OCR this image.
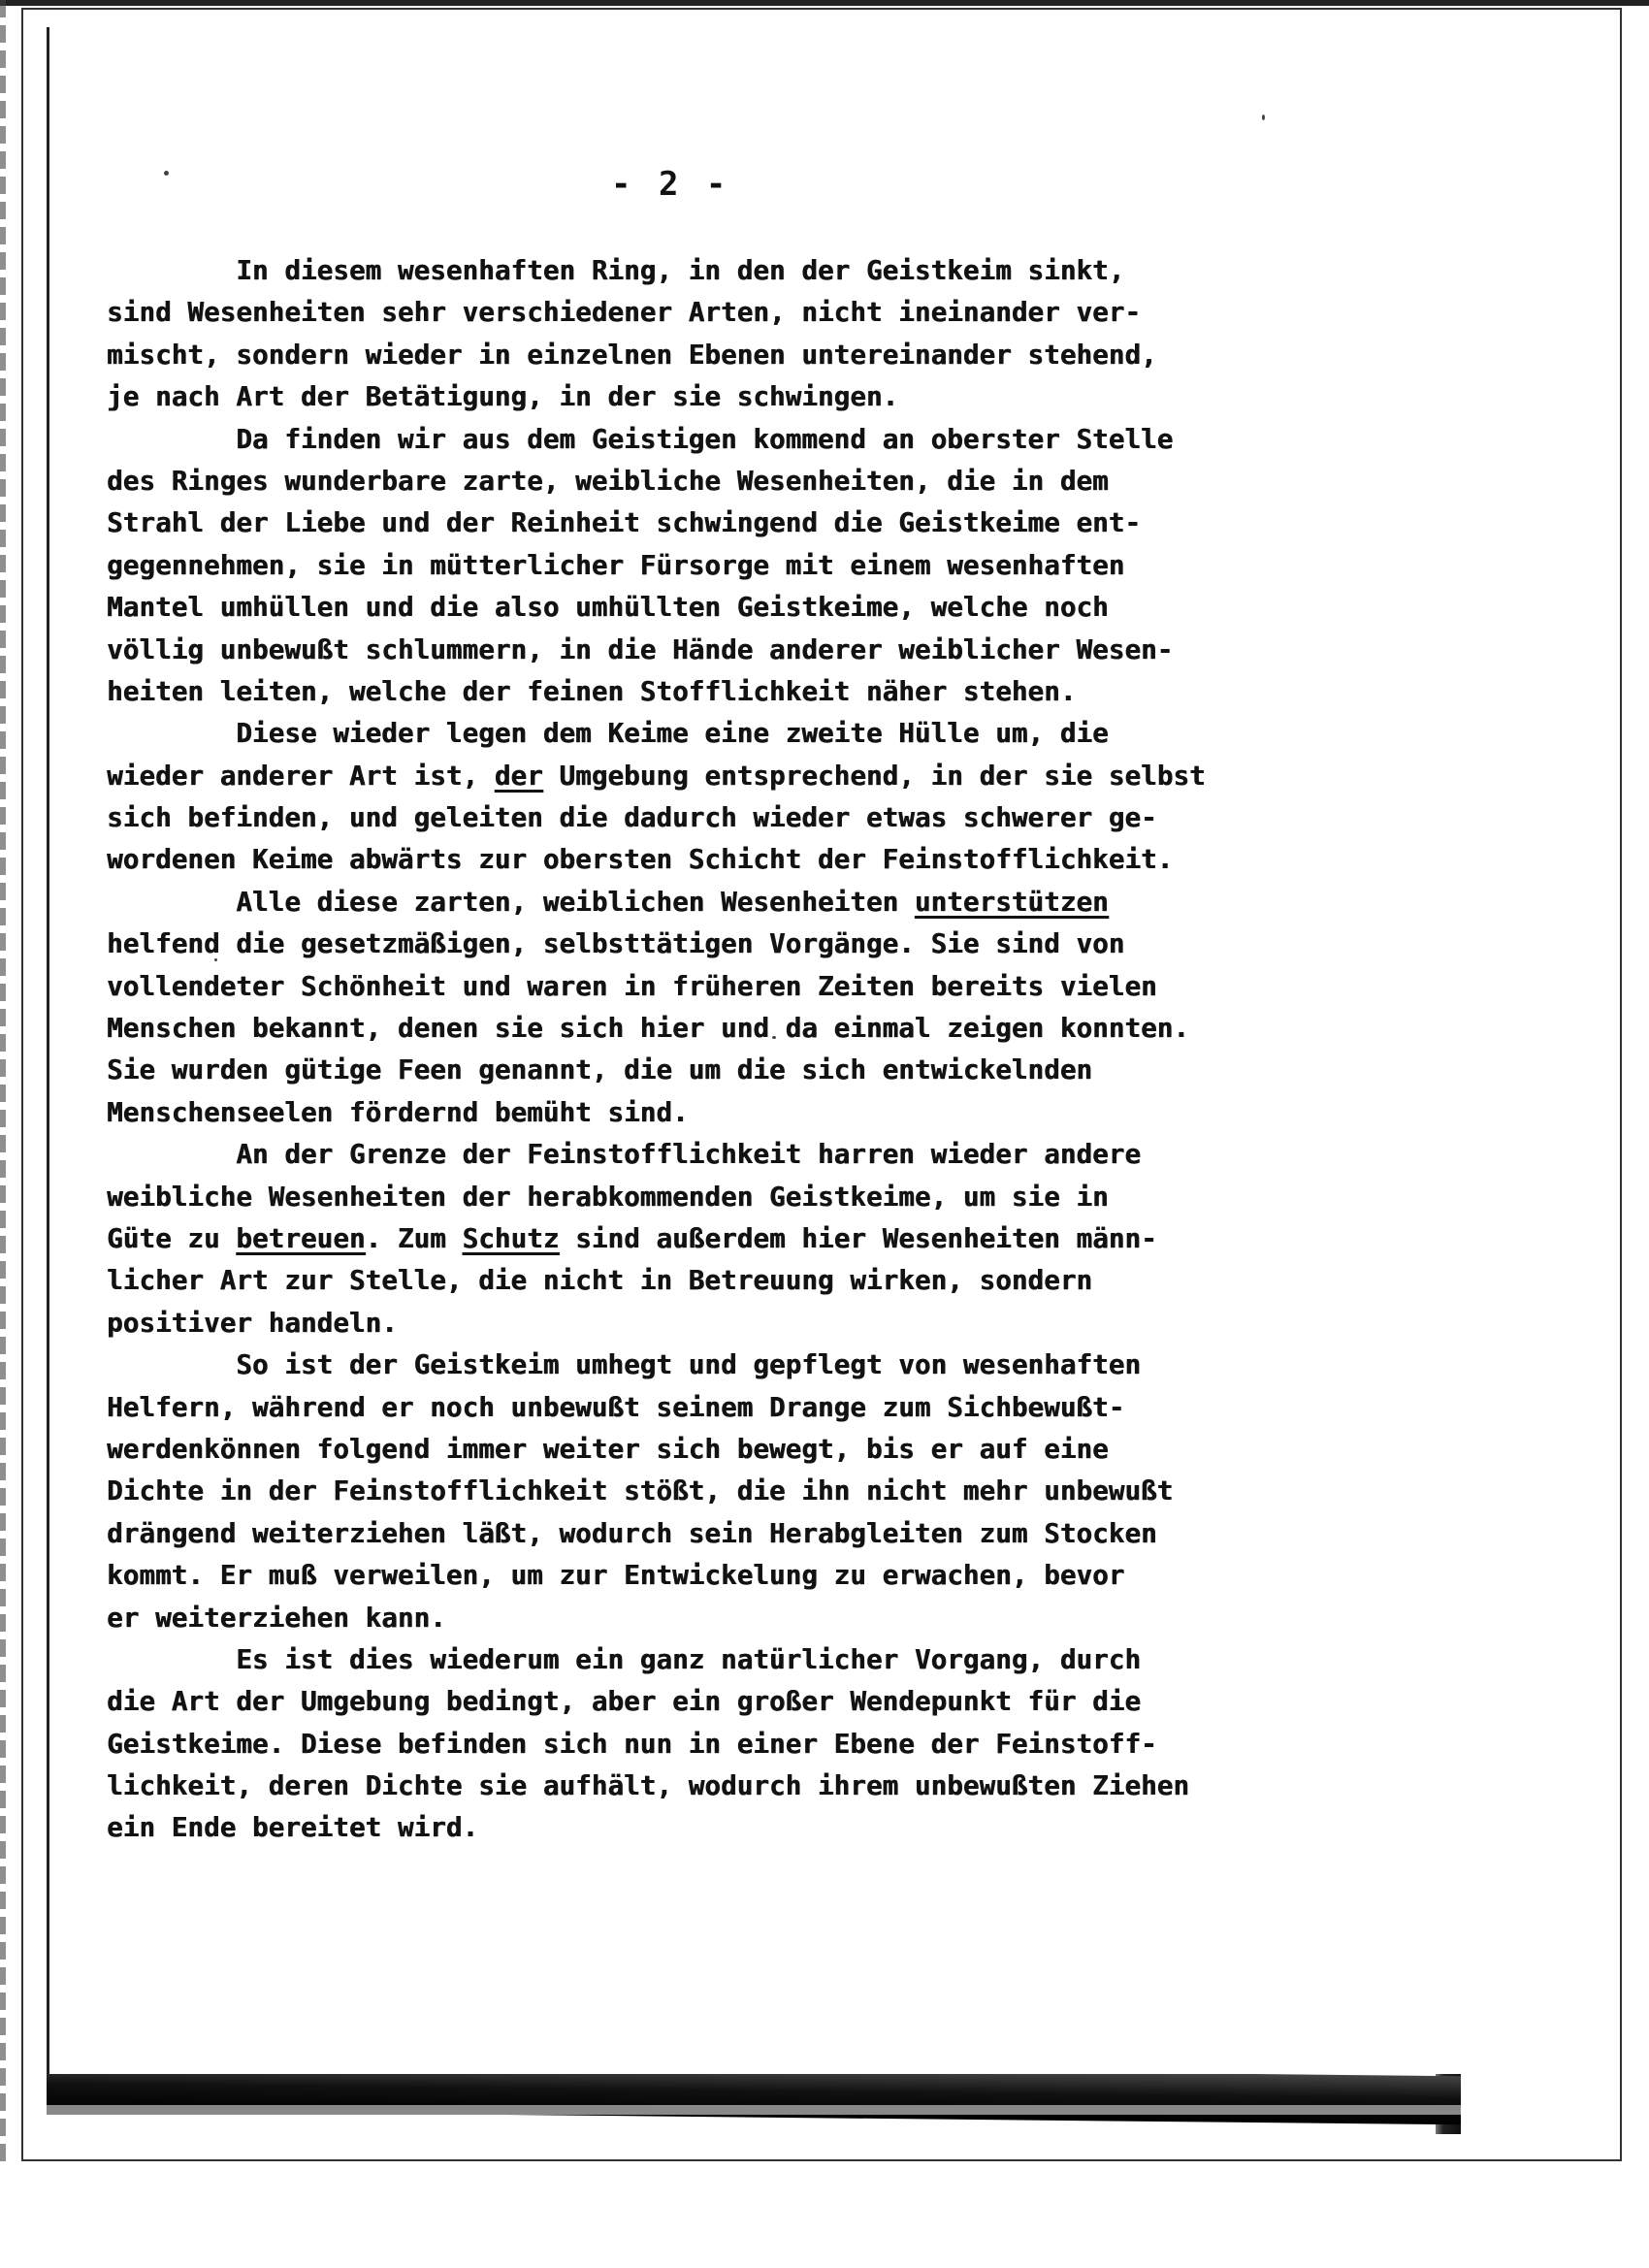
- 2 -
In diesem wesenhaften Ring, in den der Geistkeim sinkt,
sind Wesenheiten sehr verschiedener Arten, nicht ineinander ver-
mischt, sondern wieder in einzelnen Ebenen untereinander stehend,
je nach Art der Betätigung, in der sie schwingen.
Da finden wir aus dem Geistigen kommend an oberster Stelle
des Ringes wunderbare zarte, weibliche Wesenheiten, die in dem
Strahl der Liebe und der Reinheit schwingend die Geistkeime ent-
gegennehmen, sie in mütterlicher Fürsorge mit einem wesenhaften
Mantel umhüllen und die also umhüllten Geistkeime, welche noch
völlig unbewußt schlummern, in die Hände anderer weiblicher Wesen-
heiten leiten, welche der feinen Stofflichkeit näher stehen.
Diese wieder legen dem Keime eine zweite Hülle um, die
wieder anderer Art ist, der Umgebung entsprechend, in der sie selbst
sich befinden, und geleiten die dadurch wieder etwas schwerer ge-
wordenen Keime abwärts zur obersten Schicht der Feinstofflichkeit.
Alle diese zarten, weiblichen Wesenheiten unterstützen
helfend die gesetzmäßigen, selbsttätigen Vorgänge. Sie sind von
vollendeter Schönheit und waren in früheren Zeiten bereits vielen
Menschen bekannt, denen sie sich hier und da einmal zeigen konnten.
Sie wurden gütige Feen genannt, die um die sich entwickelnden
Menschenseelen fördernd bemüht sind.
An der Grenze der Feinstofflichkeit harren wieder andere
weibliche Wesenheiten der herabkommenden Geistkeime, um sie in
Güte zu betreuen. Zum Schutz sind außerdem hier Wesenheiten männ-
licher Art zur Stelle, die nicht in Betreuung wirken, sondern
positiver handeln.
So ist der Geistkeim umhegt und gepflegt von wesenhaften
Helfern, während er noch unbewußt seinem Drange zum Sichbewußt-
werdenkönnen folgend immer weiter sich bewegt, bis er auf eine
Dichte in der Feinstofflichkeit stößt, die ihn nicht mehr unbewußt
drängend weiterziehen läßt, wodurch sein Herabgleiten zum Stocken
kommt. Er muß verweilen, um zur Entwickelung zu erwachen, bevor
er weiterziehen kann.
Es ist dies wiederum ein ganz natürlicher Vorgang, durch
die Art der Umgebung bedingt, aber ein großer Wendepunkt für die
Geistkeime. Diese befinden sich nun in einer Ebene der Feinstoff-
lichkeit, deren Dichte sie aufhält, wodurch ihrem unbewußten Ziehen
ein Ende bereitet wird.
